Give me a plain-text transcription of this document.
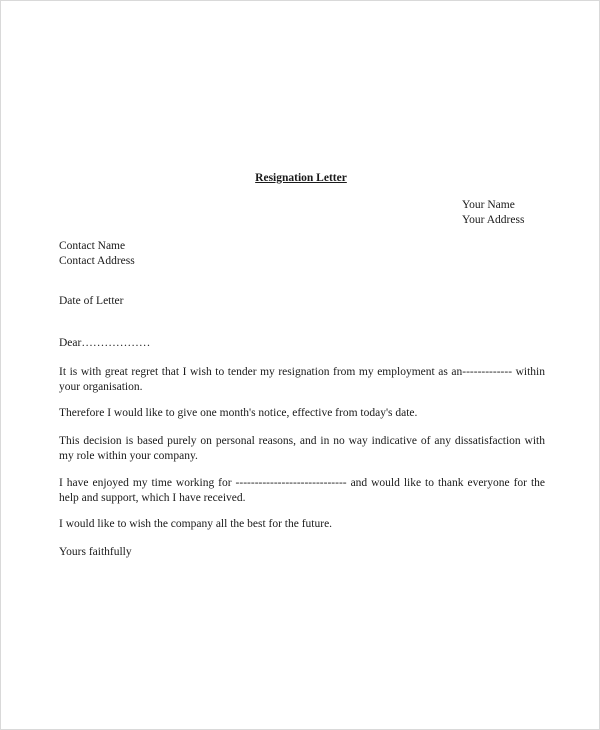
Resignation Letter
Your Name
Your Address
Contact Name
Contact Address
Date of Letter
Dear………………
It is with great regret that I wish to tender my resignation from my employment as an------------- within your organisation.
Therefore I would like to give one month's notice, effective from today's date.
This decision is based purely on personal reasons, and in no way indicative of any dissatisfaction with my role within your company.
I have enjoyed my time working for ----------------------------- and would like to thank everyone for the help and support, which I have received.
I would like to wish the company all the best for the future.
Yours faithfully
